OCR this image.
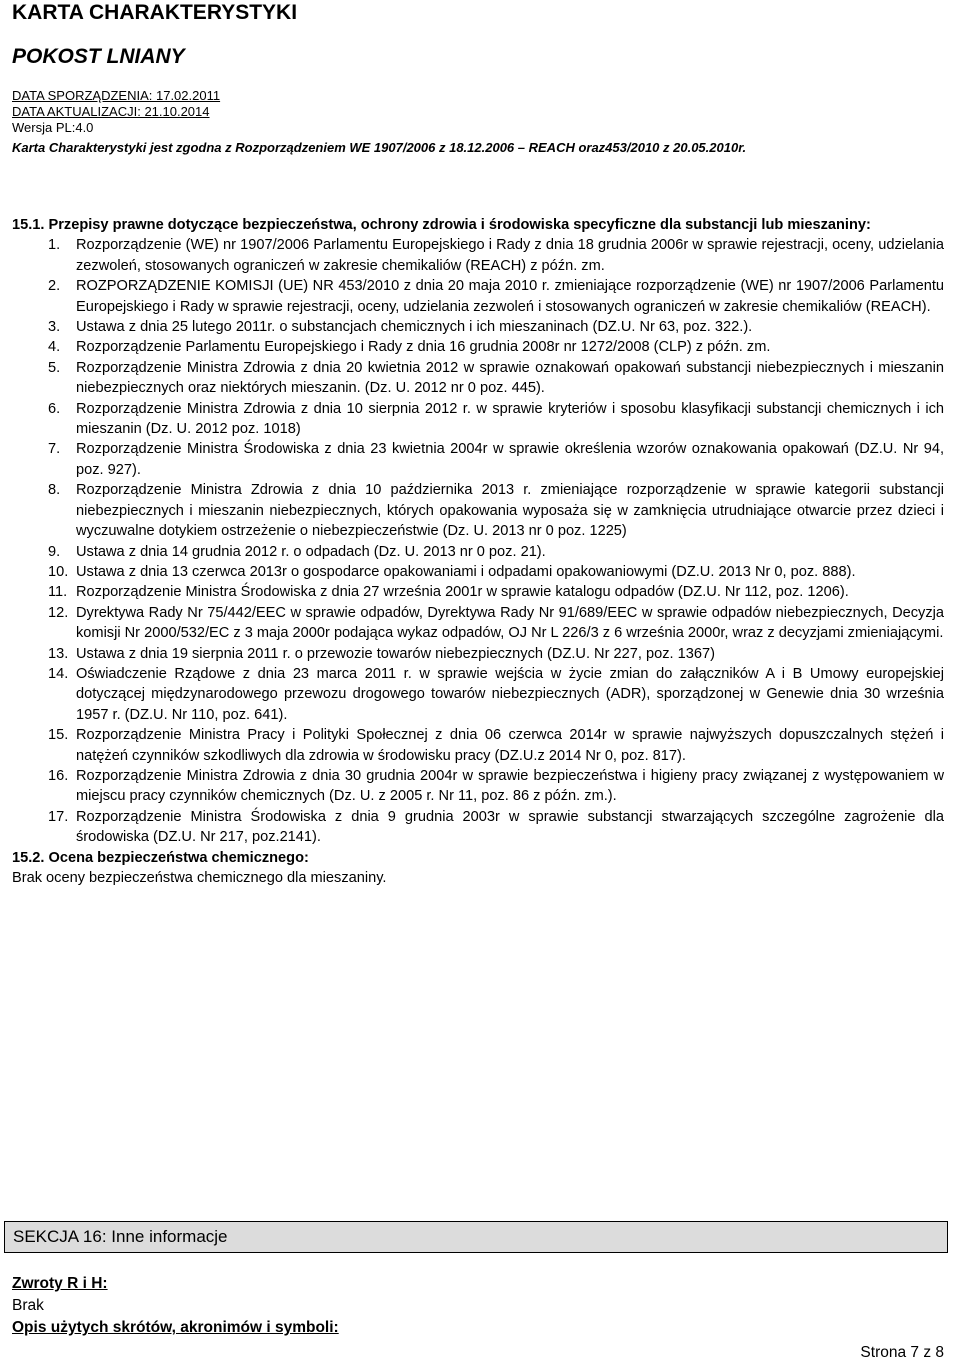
KARTA CHARAKTERYSTYKI
POKOST LNIANY
DATA SPORZĄDZENIA: 17.02.2011
DATA AKTUALIZACJI: 21.10.2014
Wersja PL:4.0
Karta Charakterystyki jest zgodna z Rozporządzeniem WE 1907/2006 z 18.12.2006 – REACH oraz453/2010 z 20.05.2010r.

15.1. Przepisy prawne dotyczące bezpieczeństwa, ochrony zdrowia i środowiska specyficzne dla substancji lub mieszaniny:

1. Rozporządzenie (WE) nr 1907/2006 Parlamentu Europejskiego i Rady z dnia 18 grudnia 2006r w sprawie rejestracji, oceny, udzielania zezwoleń, stosowanych ograniczeń w zakresie chemikaliów (REACH) z późn. zm.
2. ROZPORZĄDZENIE KOMISJI (UE) NR 453/2010 z dnia 20 maja 2010 r. zmieniające rozporządzenie (WE) nr 1907/2006 Parlamentu Europejskiego i Rady w sprawie rejestracji, oceny, udzielania zezwoleń i stosowanych ograniczeń w zakresie chemikaliów (REACH).
3. Ustawa z dnia 25 lutego 2011r. o substancjach chemicznych i ich mieszaninach (DZ.U. Nr 63, poz. 322.).
4. Rozporządzenie Parlamentu Europejskiego i Rady z dnia 16 grudnia 2008r nr 1272/2008 (CLP) z późn. zm.
5. Rozporządzenie Ministra Zdrowia z dnia 20 kwietnia 2012 w sprawie oznakowań opakowań substancji niebezpiecznych i mieszanin niebezpiecznych oraz niektórych mieszanin. (Dz. U. 2012 nr 0 poz. 445).
6. Rozporządzenie Ministra Zdrowia z dnia 10 sierpnia 2012 r. w sprawie kryteriów i sposobu klasyfikacji substancji chemicznych i ich mieszanin (Dz. U. 2012 poz. 1018)
7. Rozporządzenie Ministra Środowiska z dnia 23 kwietnia 2004r w sprawie określenia wzorów oznakowania opakowań (DZ.U. Nr 94, poz. 927).
8. Rozporządzenie Ministra Zdrowia z dnia 10 października 2013 r. zmieniające rozporządzenie w sprawie kategorii substancji niebezpiecznych i mieszanin niebezpiecznych, których opakowania wyposaża się w zamknięcia utrudniające otwarcie przez dzieci i wyczuwalne dotykiem ostrzeżenie o niebezpieczeństwie (Dz. U. 2013 nr 0 poz. 1225)
9. Ustawa z dnia 14 grudnia 2012 r. o odpadach (Dz. U. 2013 nr 0 poz. 21).
10. Ustawa z dnia 13 czerwca 2013r o gospodarce opakowaniami i odpadami opakowaniowymi (DZ.U. 2013 Nr 0, poz. 888).
11. Rozporządzenie Ministra Środowiska z dnia 27 września 2001r w sprawie katalogu odpadów (DZ.U. Nr 112, poz. 1206).
12. Dyrektywa Rady Nr 75/442/EEC w sprawie odpadów, Dyrektywa Rady Nr 91/689/EEC w sprawie odpadów niebezpiecznych, Decyzja komisji Nr 2000/532/EC z 3 maja 2000r podająca wykaz odpadów, OJ Nr L 226/3 z 6 września 2000r, wraz z decyzjami zmieniającymi.
13. Ustawa z dnia 19 sierpnia 2011 r. o przewozie towarów niebezpiecznych (DZ.U. Nr 227, poz. 1367)
14. Oświadczenie Rządowe z dnia 23 marca 2011 r. w sprawie wejścia w życie zmian do załączników A i B Umowy europejskiej dotyczącej międzynarodowego przewozu drogowego towarów niebezpiecznych (ADR), sporządzonej w Genewie dnia 30 września 1957 r. (DZ.U. Nr 110, poz. 641).
15. Rozporządzenie Ministra Pracy i Polityki Społecznej z dnia 06 czerwca 2014r w sprawie najwyższych dopuszczalnych stężeń i natężeń czynników szkodliwych dla zdrowia w środowisku pracy (DZ.U.z 2014 Nr 0, poz. 817).
16. Rozporządzenie Ministra Zdrowia z dnia 30 grudnia 2004r w sprawie bezpieczeństwa i higieny pracy związanej z występowaniem w miejscu pracy czynników chemicznych (Dz. U. z 2005 r. Nr 11, poz. 86 z późn. zm.).
17. Rozporządzenie Ministra Środowiska z dnia 9 grudnia 2003r w sprawie substancji stwarzających szczególne zagrożenie dla środowiska (DZ.U. Nr 217, poz.2141).

15.2. Ocena bezpieczeństwa chemicznego:

Brak oceny bezpieczeństwa chemicznego dla mieszaniny.

SEKCJA 16: Inne informacje
Zwroty R i H:
Brak
Opis użytych skrótów, akronimów i symboli:
Strona 7 z 8
